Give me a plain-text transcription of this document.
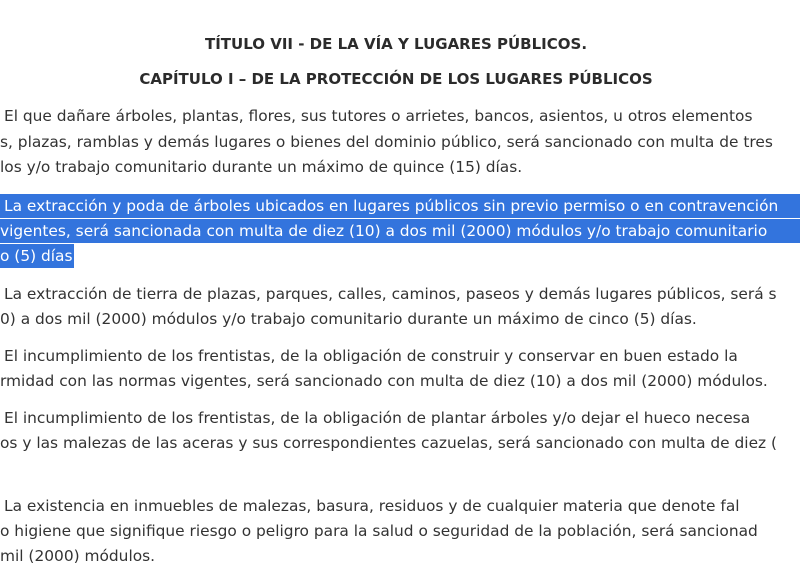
TÍTULO VII - DE LA VÍA Y LUGARES PÚBLICOS.
CAPÍTULO I – DE LA PROTECCIÓN DE LOS LUGARES PÚBLICOS
El que dañare árboles, plantas, flores, sus tutores o arrietes, bancos, asientos, u otros elementos
s, plazas, ramblas y demás lugares o bienes del dominio público, será sancionado con multa de tres
los y/o trabajo comunitario durante un máximo de quince (15) días.
La extracción y poda de árboles ubicados en lugares públicos sin previo permiso o en contravención
vigentes, será sancionada con multa de diez (10) a dos mil (2000) módulos y/o trabajo comunitario
o (5) días.
La extracción de tierra de plazas, parques, calles, caminos, paseos y demás lugares públicos, será s
0) a dos mil (2000) módulos y/o trabajo comunitario durante un máximo de cinco (5) días.
El incumplimiento de los frentistas, de la obligación de construir y conservar en buen estado la
rmidad con las normas vigentes, será sancionado con multa de diez (10) a dos mil (2000) módulos.
El incumplimiento de los frentistas, de la obligación de plantar árboles y/o dejar el hueco necesa
os y las malezas de las aceras y sus correspondientes cazuelas, será sancionado con multa de diez (
La existencia en inmuebles de malezas, basura, residuos y de cualquier materia que denote fal
o higiene que signifique riesgo o peligro para la salud o seguridad de la población, será sancionad
mil (2000) módulos.
